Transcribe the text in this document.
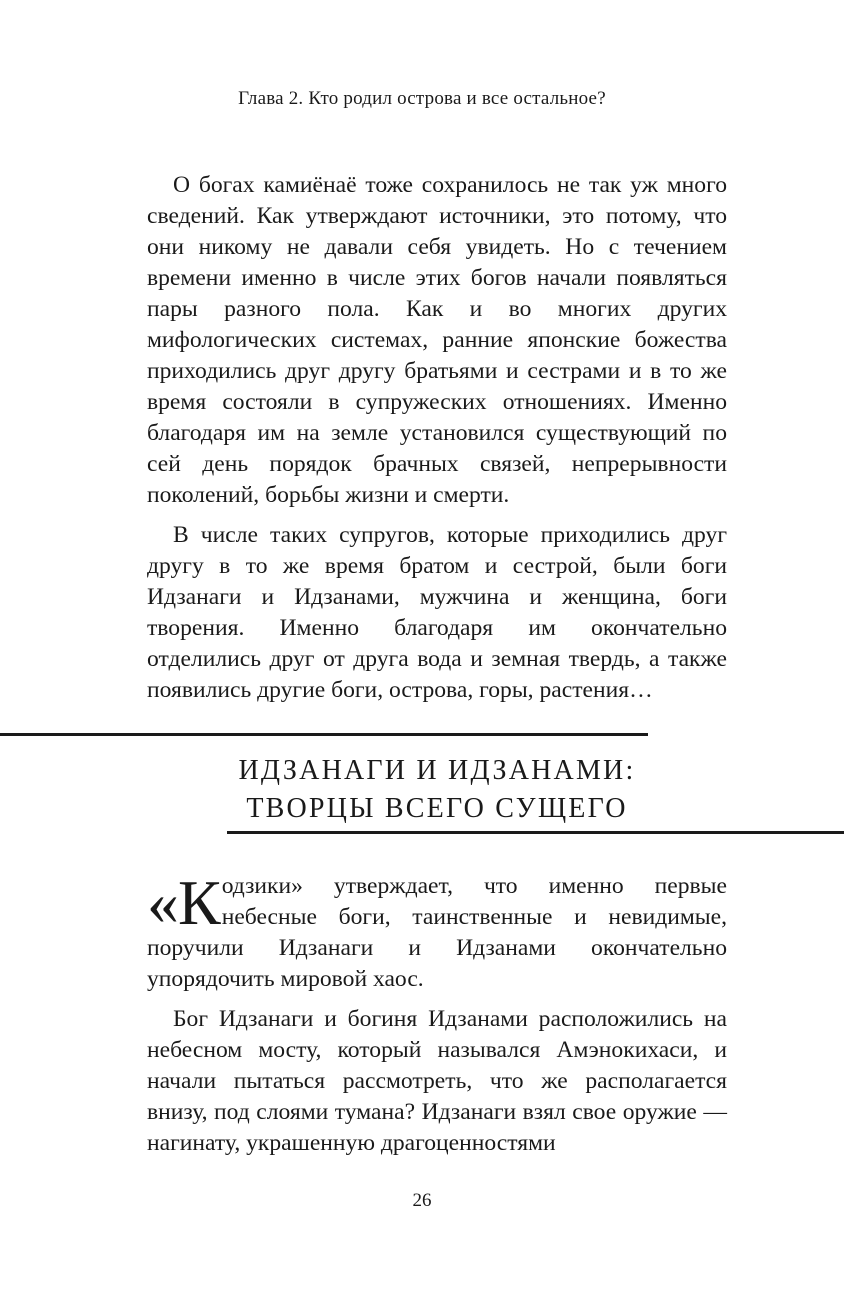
Глава 2. Кто родил острова и все остальное?

О богах камиёнаё тоже сохранилось не так уж много сведений. Как утверждают источники, это потому, что они никому не давали себя увидеть. Но с течением времени именно в числе этих богов начали появляться пары разного пола. Как и во многих других мифологических системах, ранние японские божества приходились друг другу братьями и сестрами и в то же время состояли в супружеских отношениях. Именно благодаря им на земле установился существующий по сей день порядок брачных связей, непрерывности поколений, борьбы жизни и смерти.

В числе таких супругов, которые приходились друг другу в то же время братом и сестрой, были боги Идзанаги и Идзанами, мужчина и женщина, боги творения. Именно благодаря им окончательно отделились друг от друга вода и земная твердь, а также появились другие боги, острова, горы, растения…

ИДЗАНАГИ И ИДЗАНАМИ:
ТВОРЦЫ ВСЕГО СУЩЕГО

«Кодзики» утверждает, что именно первые небесные боги, таинственные и невидимые, поручили Идзанаги и Идзанами окончательно упорядочить мировой хаос.

Бог Идзанаги и богиня Идзанами расположились на небесном мосту, который назывался Амэнокихаси, и начали пытаться рассмотреть, что же располагается внизу, под слоями тумана? Идзанаги взял свое оружие — нагинату, украшенную драгоценностями

26
